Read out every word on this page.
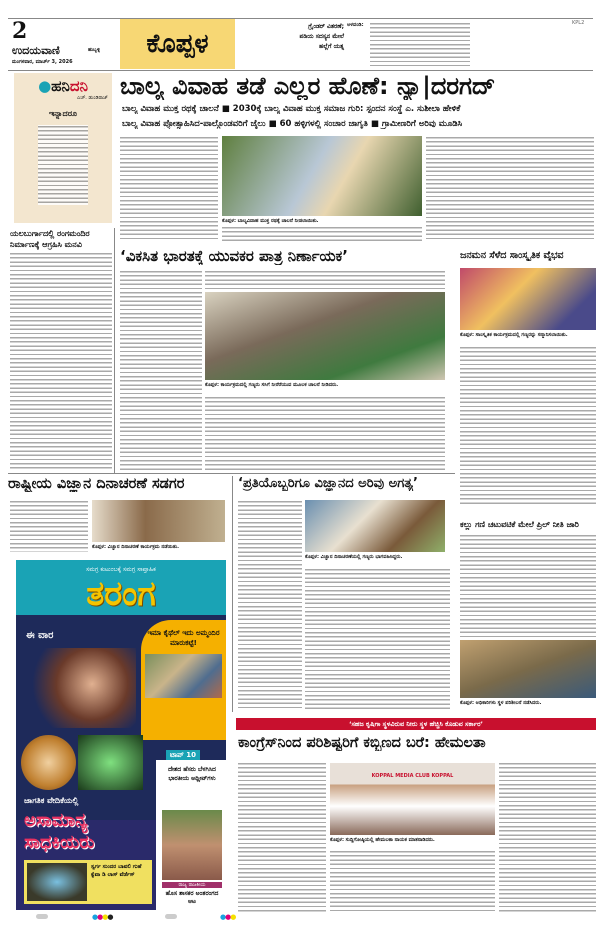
2
ಉದಯವಾಣಿ	ಹುಬ್ಬಳ್ಳಿ
ಮಂಗಳವಾರ, ಮಾರ್ಚ್ 3, 2026
ಕೊಪ್ಪಳ
ಗ್ರೈಂಡರ್‌ ವಿತರಣೆ; ಪಡಿಯ ಸದಸ್ಯನ ಮೇಲೆ ಹಲ್ಲೆಗೆ ಯತ್ನ
ಅಳವಂಡಿ:	KPL2
●ಹನಿದನಿ
ಎಚ್. ಡುಂಡಿರಾಜ್
ಇನ್ನಾದರೂ
ಬಾಲ್ಯ ವಿವಾಹ ತಡೆ ಎಲ್ಲರ ಹೊಣೆ: ನ್ಯಾ|ದರಗದ್
ಬಾಲ್ಯ ವಿವಾಹ ಮುಕ್ತ ರಥಕ್ಕೆ ಚಾಲನೆ ■ 2030ಕ್ಕೆ ಬಾಲ್ಯ ವಿವಾಹ ಮುಕ್ತ ಸಮಾಜ ಗುರಿ: ಸ್ಪಂದನ ಸಂಸ್ಥೆ ಎ. ಸುಶೀಲಾ ಹೇಳಿಕೆ
ಬಾಲ್ಯ ವಿವಾಹ ಪ್ರೋತ್ಸಾಹಿಸಿದ-ಪಾಲ್ಗೊಂಡವರಿಗೆ ಜೈಲು ■ 60 ಹಳ್ಳಿಗಳಲ್ಲಿ ಸಂಚಾರ ಜಾಗೃತಿ ■ ಗ್ರಾಮೀಣರಿಗೆ ಅರಿವು ಮೂಡಿಸಿ
ಕೊಪ್ಪಳ: ಬಾಲ್ಯವಿವಾಹ ಮುಕ್ತ ರಥಕ್ಕೆ ಚಾಲನೆ ನೀಡಲಾಯಿತು.
ಯಲಬುರ್ಗಾದಲ್ಲಿ ರಂಗಮಂದಿರ ನಿರ್ಮಾಣಕ್ಕೆ ಆಗ್ರಹಿಸಿ ಮನವಿ
‘ವಿಕಸಿತ ಭಾರತಕ್ಕೆ ಯುವಕರ ಪಾತ್ರ ನಿರ್ಣಾಯಕ’
ಕೊಪ್ಪಳ: ಕಾರ್ಯಕ್ರಮದಲ್ಲಿ ಗಣ್ಯರು ಸಸಿಗೆ ನೀರೆರೆಯುವ ಮೂಲಕ ಚಾಲನೆ ನೀಡಿದರು.
ಜನಮನ ಸೆಳೆದ ಸಾಂಸ್ಕೃತಿಕ ವೈಭವ
ಕೊಪ್ಪಳ: ಸಾಂಸ್ಕೃತಿಕ ಕಾರ್ಯಕ್ರಮದಲ್ಲಿ ಗಣ್ಯರನ್ನು ಸನ್ಮಾನಿಸಲಾಯಿತು.
ರಾಷ್ಟ್ರೀಯ ವಿಜ್ಞಾನ ದಿನಾಚರಣೆ ಸಡಗರ
ಕೊಪ್ಪಳ: ವಿಜ್ಞಾನ ದಿನಾಚರಣೆ ಕಾರ್ಯಕ್ರಮ ನಡೆಯಿತು.
‘ಪ್ರತಿಯೊಬ್ಬರಿಗೂ ವಿಜ್ಞಾನದ ಅರಿವು ಅಗತ್ಯ’
ಕೊಪ್ಪಳ: ವಿಜ್ಞಾನ ದಿನಾಚರಣೆಯಲ್ಲಿ ಗಣ್ಯರು ಭಾಗವಹಿಸಿದ್ದರು.
ಕಲ್ಲು ಗಣಿ ಚಟುವಟಿಕೆ ಮೇಲೆ ಪ್ರಿಲ್ ನೀತಿ ಜಾರಿ
ಕೊಪ್ಪಳ: ಅಧಿಕಾರಿಗಳು ಸ್ಥಳ ಪರಿಶೀಲನೆ ನಡೆಸಿದರು.
ಸಮಗ್ರ ಕುಟುಂಬಕ್ಕೆ ಸಮಗ್ರ ಸಾಪ್ತಾಹಿಕ
ತರಂಗ
ಈ ವಾರ	ಇಮಾ ಕೈಥೆಲ್ ಇದು ಅಮ್ಮಂದಿರ ಮಾರುಕಟ್ಟೆ!
ಟಾಪ್ 10
ದೇಶದ ಹೆಸರು ಬೆಳಗಿಸಿದ ಭಾರತೀಯ ಅಥ್ಲೀಟ್‌ಗಳು
ಜಾಗತಿಕ ವೇದಿಕೆಯಲ್ಲಿ
ಅಸಾಮಾನ್ಯ ಸಾಧಕಿಯರು
ರಾಜ್ಯ ರಾಜಕೀಯ
ಹೊಸ ಶಾಸಕರ ಅಂತರಂಗದ ಆಟ
ಸ್ವರ್ಗ ಸುಂದರ ಬಾವಲಿ ಗುಹೆ ಕ್ವೆವಾ ಡಿ ಲಾಸ್ ವೆರ್ಡೆಸ್
‘ಸಹಜ ಕೃಷಿಗಾ ಸ್ಥಳವಿರುವ ನೀರು ಸ್ಥಳ ಹೆಚ್ಚಿಸಿ ಕೊಡುವ ಸರ್ಕಾರ’
ಕಾಂಗ್ರೆಸ್‌ನಿಂದ ಪರಿಶಿಷ್ಟರಿಗೆ ಕಬ್ಬಿಣದ ಬರೆ: ಹೇಮಲತಾ
KOPPAL MEDIA CLUB KOPPAL
ಕೊಪ್ಪಳ: ಸುದ್ದಿಗೋಷ್ಠಿಯಲ್ಲಿ ಹೇಮಲತಾ ನಾಯಕ ಮಾತನಾಡಿದರು.
●●●●	●●●
